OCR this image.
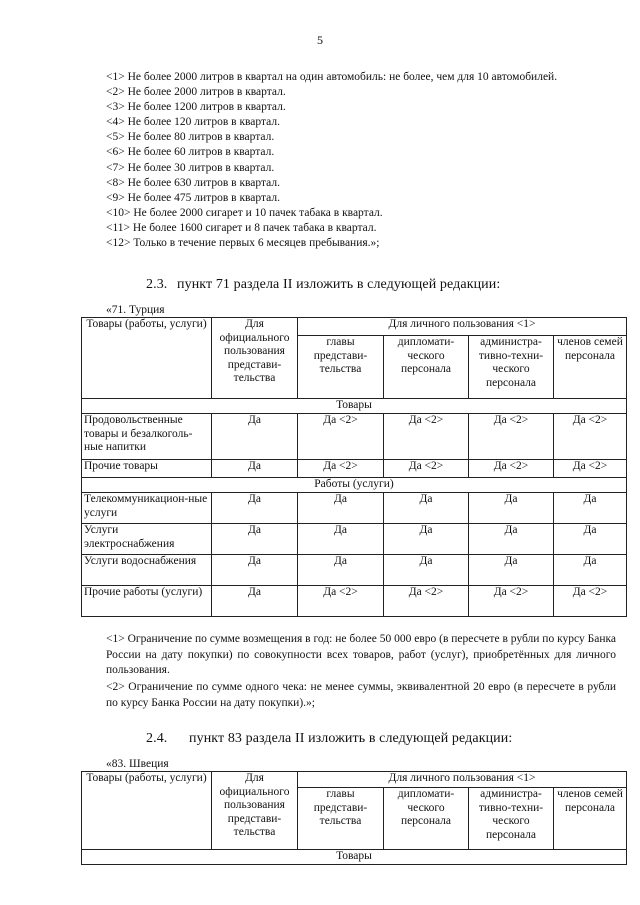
5
<1> Не более 2000 литров в квартал на один автомобиль: не более, чем для 10 автомобилей.
<2> Не более 2000 литров в квартал.
<3> Не более 1200 литров в квартал.
<4> Не более 120 литров в квартал.
<5> Не более 80 литров в квартал.
<6> Не более 60 литров в квартал.
<7> Не более 30 литров в квартал.
<8> Не более 630 литров в квартал.
<9> Не более 475 литров в квартал.
<10> Не более 2000 сигарет и 10 пачек табака в квартал.
<11> Не более 1600 сигарет и 8 пачек табака в квартал.
<12> Только в течение первых 6 месяцев пребывания.»;
2.3. пункт 71 раздела II изложить в следующей редакции:
«71. Турция
Товары (работы, услуги)	Для официального пользования представи-тельства	Для личного пользования <1>			
		главы представи-тельства	дипломати-ческого персонала	администра-тивно-техни-ческого персонала	членов семей персонала
Товары					
Продовольственные товары и безалкоголь-ные напитки	Да	Да <2>	Да <2>	Да <2>	Да <2>
Прочие товары	Да	Да <2>	Да <2>	Да <2>	Да <2>
Работы (услуги)					
Телекоммуникацион-ные услуги	Да	Да	Да	Да	Да
Услуги электроснабжения	Да	Да	Да	Да	Да
Услуги водоснабжения	Да	Да	Да	Да	Да
Прочие работы (услуги)	Да	Да <2>	Да <2>	Да <2>	Да <2>
<1> Ограничение по сумме возмещения в год: не более 50 000 евро (в пересчете в рубли по курсу Банка России на дату покупки) по совокупности всех товаров, работ (услуг), приобретённых для личного пользования.
<2> Ограничение по сумме одного чека: не менее суммы, эквивалентной 20 евро (в пересчете в рубли по курсу Банка России на дату покупки).»;
2.4. пункт 83 раздела II изложить в следующей редакции:
«83. Швеция
Товары (работы, услуги)	Для официального пользования представи-тельства	Для личного пользования <1>			
		главы представи-тельства	дипломати-ческого персонала	администра-тивно-техни-ческого персонала	членов семей персонала
Товары					
